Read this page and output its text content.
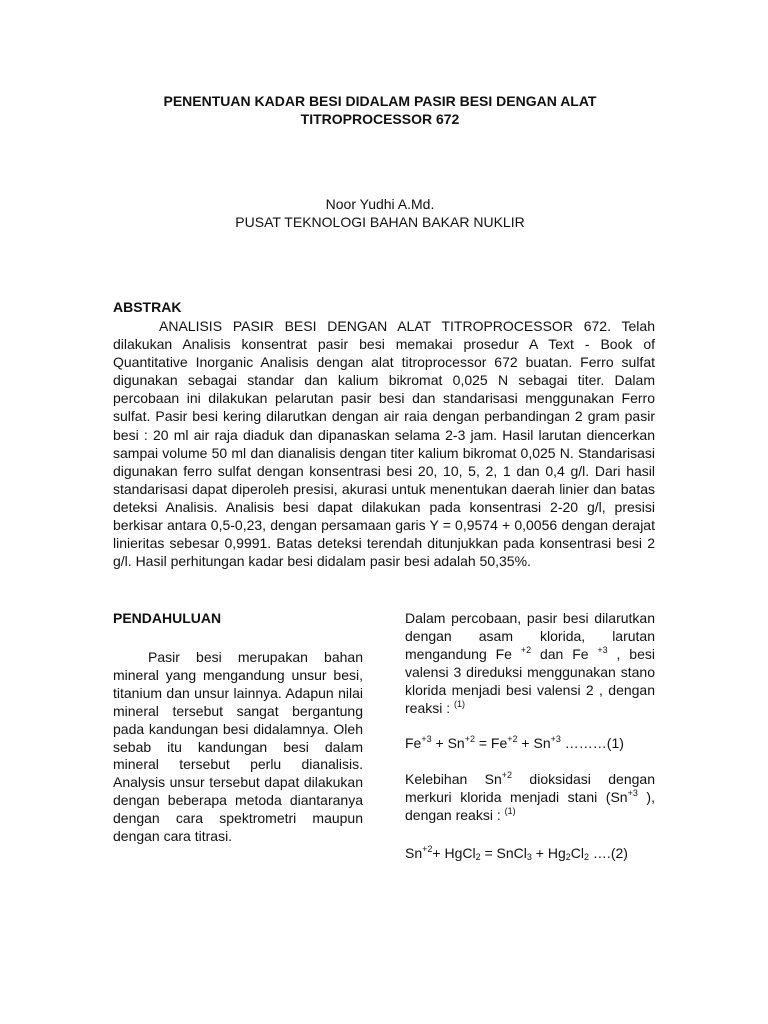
PENENTUAN KADAR BESI DIDALAM PASIR BESI DENGAN ALAT
TITROPROCESSOR 672
Noor Yudhi A.Md.
PUSAT TEKNOLOGI BAHAN BAKAR NUKLIR
ABSTRAK

ANALISIS PASIR BESI DENGAN ALAT TITROPROCESSOR 672. Telah dilakukan Analisis konsentrat pasir besi memakai prosedur A Text - Book of Quantitative Inorganic Analisis dengan alat titroprocessor 672 buatan. Ferro sulfat digunakan sebagai standar dan kalium bikromat 0,025 N sebagai titer. Dalam percobaan ini dilakukan pelarutan pasir besi dan standarisasi menggunakan Ferro sulfat. Pasir besi kering dilarutkan dengan air raia dengan perbandingan 2 gram pasir besi : 20 ml air raja diaduk dan dipanaskan selama 2-3 jam. Hasil larutan diencerkan sampai volume 50 ml dan dianalisis dengan titer kalium bikromat 0,025 N. Standarisasi digunakan ferro sulfat dengan konsentrasi besi 20, 10, 5, 2, 1 dan 0,4 g/l. Dari hasil standarisasi dapat diperoleh presisi, akurasi untuk menentukan daerah linier dan batas deteksi Analisis. Analisis besi dapat dilakukan pada konsentrasi 2-20 g/l, presisi berkisar antara 0,5-0,23, dengan persamaan garis Y = 0,9574 + 0,0056 dengan derajat linieritas sebesar 0,9991. Batas deteksi terendah ditunjukkan pada konsentrasi besi 2 g/l. Hasil perhitungan kadar besi didalam pasir besi adalah 50,35%.

PENDAHULUAN

Pasir besi merupakan bahan mineral yang mengandung unsur besi, titanium dan unsur lainnya. Adapun nilai mineral tersebut sangat bergantung pada kandungan besi didalamnya. Oleh sebab itu kandungan besi dalam mineral tersebut perlu dianalisis. Analysis unsur tersebut dapat dilakukan dengan beberapa metoda diantaranya dengan cara spektrometri maupun dengan cara titrasi.

Dalam percobaan, pasir besi dilarutkan dengan asam klorida, larutan mengandung Fe $^{+2}$ dan Fe $^{+3}$ , besi valensi 3 direduksi menggunakan stano klorida menjadi besi valensi 2 , dengan reaksi : $^{(1)}$

$Fe^{+3} + Sn^{+2} = Fe^{+2} + Sn^{+3}$ ………(1)

Kelebihan $Sn^{+2}$ dioksidasi dengan merkuri klorida menjadi stani ($Sn^{+3}$ ), dengan reaksi : $^{(1)}$

$Sn^{+2}+$ HgCl$_2$ = SnCl$_3$ + $Hg_2Cl_2$ ….(2)
